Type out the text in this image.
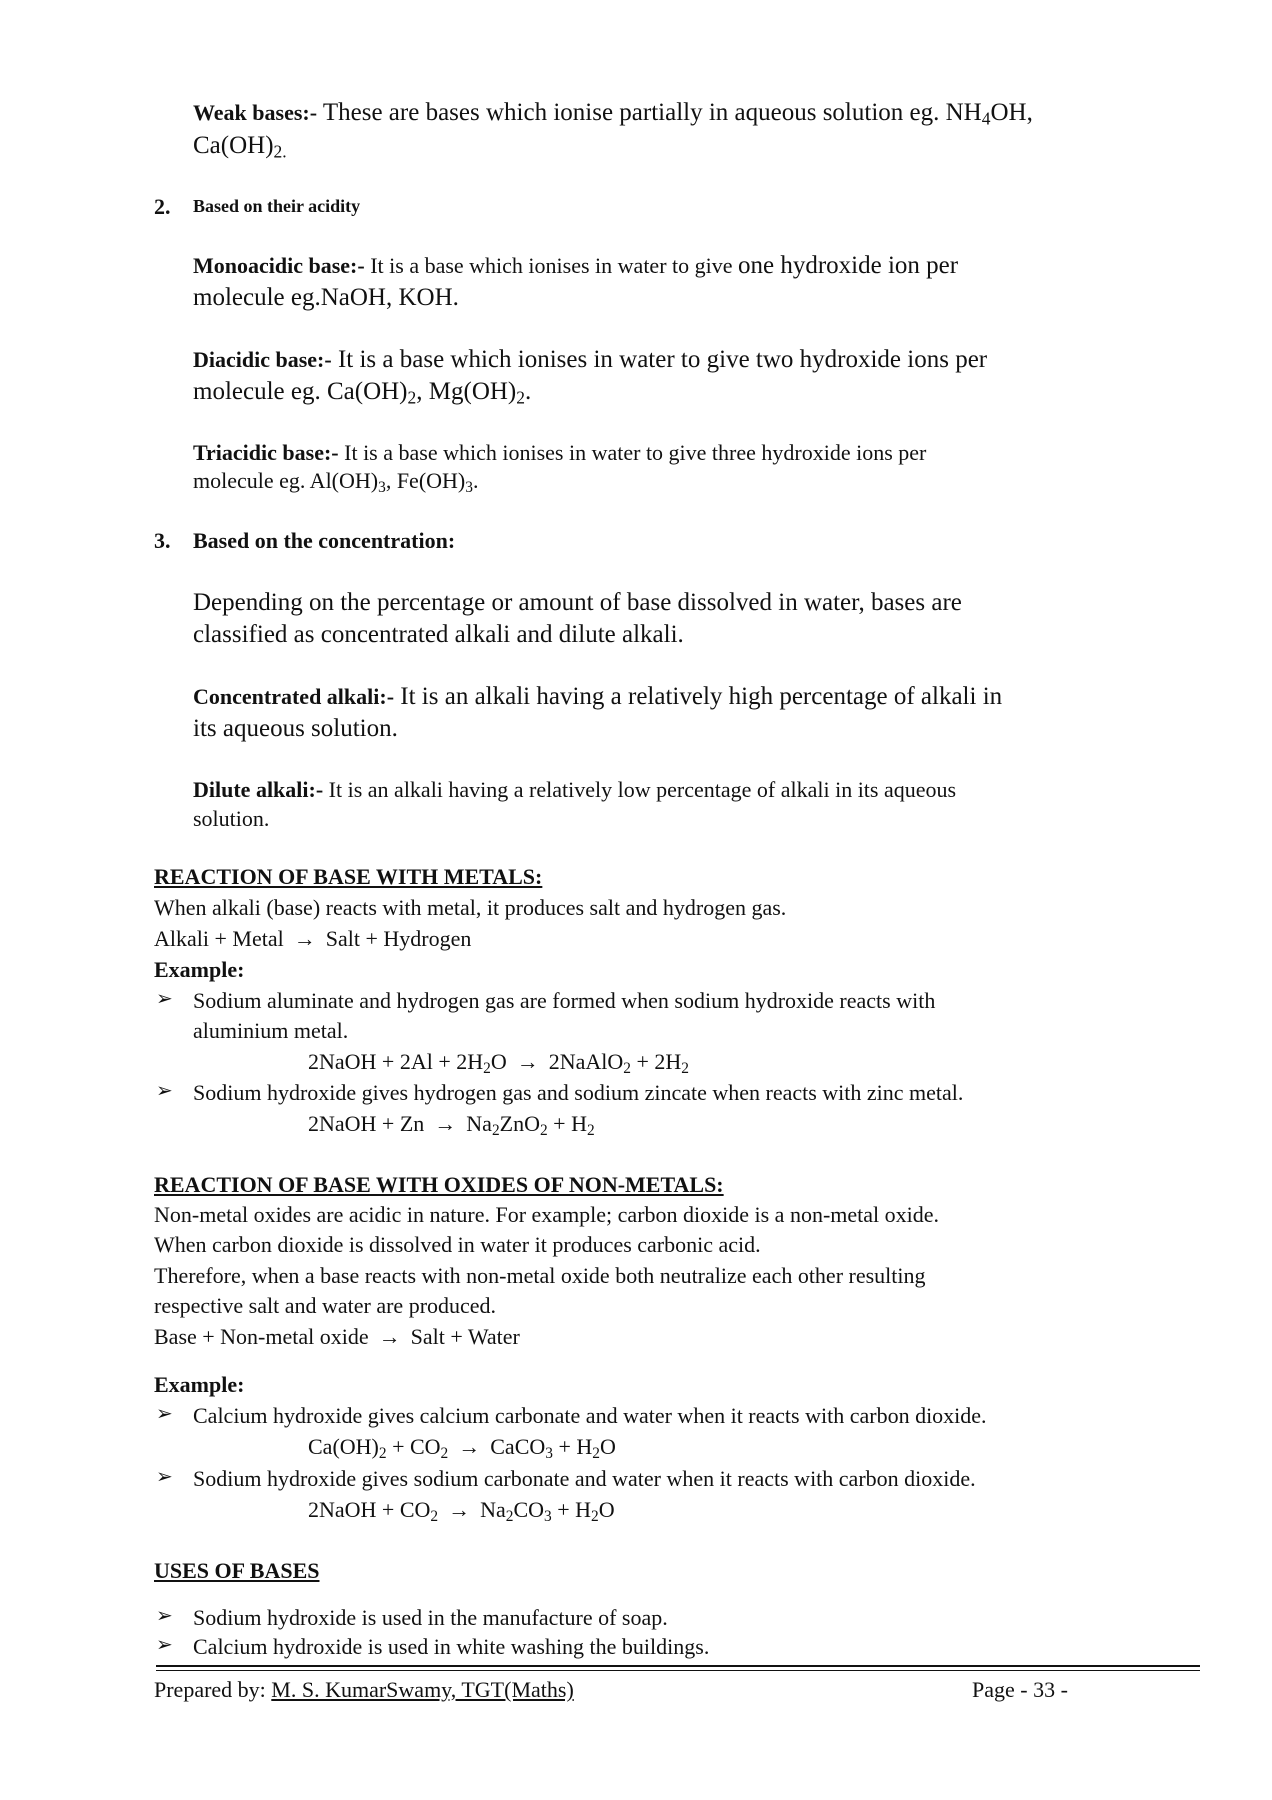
Weak bases:- These are bases which ionise partially in aqueous solution eg. $NH_4OH$,
$Ca(OH)_{2.}$
2. Based on their acidity
Monoacidic base:- It is a base which ionises in water to give one hydroxide ion per
molecule eg.NaOH, KOH.
Diacidic base:- It is a base which ionises in water to give two hydroxide ions per
molecule eg. $Ca(OH)_2$, $Mg(OH)_2$.
Triacidic base:- It is a base which ionises in water to give three hydroxide ions per
molecule eg. $Al(OH)_3$, $Fe(OH)_3$.
3. Based on the concentration:
Depending on the percentage or amount of base dissolved in water, bases are
classified as concentrated alkali and dilute alkali.
Concentrated alkali:- It is an alkali having a relatively high percentage of alkali in
its aqueous solution.
Dilute alkali:- It is an alkali having a relatively low percentage of alkali in its aqueous
solution.
REACTION OF BASE WITH METALS:
When alkali (base) reacts with metal, it produces salt and hydrogen gas.
Alkali + Metal → Salt + Hydrogen
Example:
➢ Sodium aluminate and hydrogen gas are formed when sodium hydroxide reacts with
aluminium metal.
2NaOH + $2Al + 2H_2O$ → 2NaAlO$_2$ + $2H_2$
➢ Sodium hydroxide gives hydrogen gas and sodium zincate when reacts with zinc metal.
2NaOH + $Zn \to Na_2ZnO_2 + H_2$
REACTION OF BASE WITH OXIDES OF NON-METALS:
Non-metal oxides are acidic in nature. For example; carbon dioxide is a non-metal oxide.
When carbon dioxide is dissolved in water it produces carbonic acid.
Therefore, when a base reacts with non-metal oxide both neutralize each other resulting
respective salt and water are produced.
Base + Non-metal oxide → Salt + Water
Example:
➢ Calcium hydroxide gives calcium carbonate and water when it reacts with carbon dioxide.
$Ca(OH)_2 + CO_2$ → CaCO$_3$ + $H_2O$
➢ Sodium hydroxide gives sodium carbonate and water when it reacts with carbon dioxide.
2NaOH + $CO_2 \to Na_2CO_3 + H_2O$
USES OF BASES
➢ Sodium hydroxide is used in the manufacture of soap.
➢ Calcium hydroxide is used in white washing the buildings.
Prepared by: M. S. KumarSwamy, TGT(Maths)	Page - 33 -
